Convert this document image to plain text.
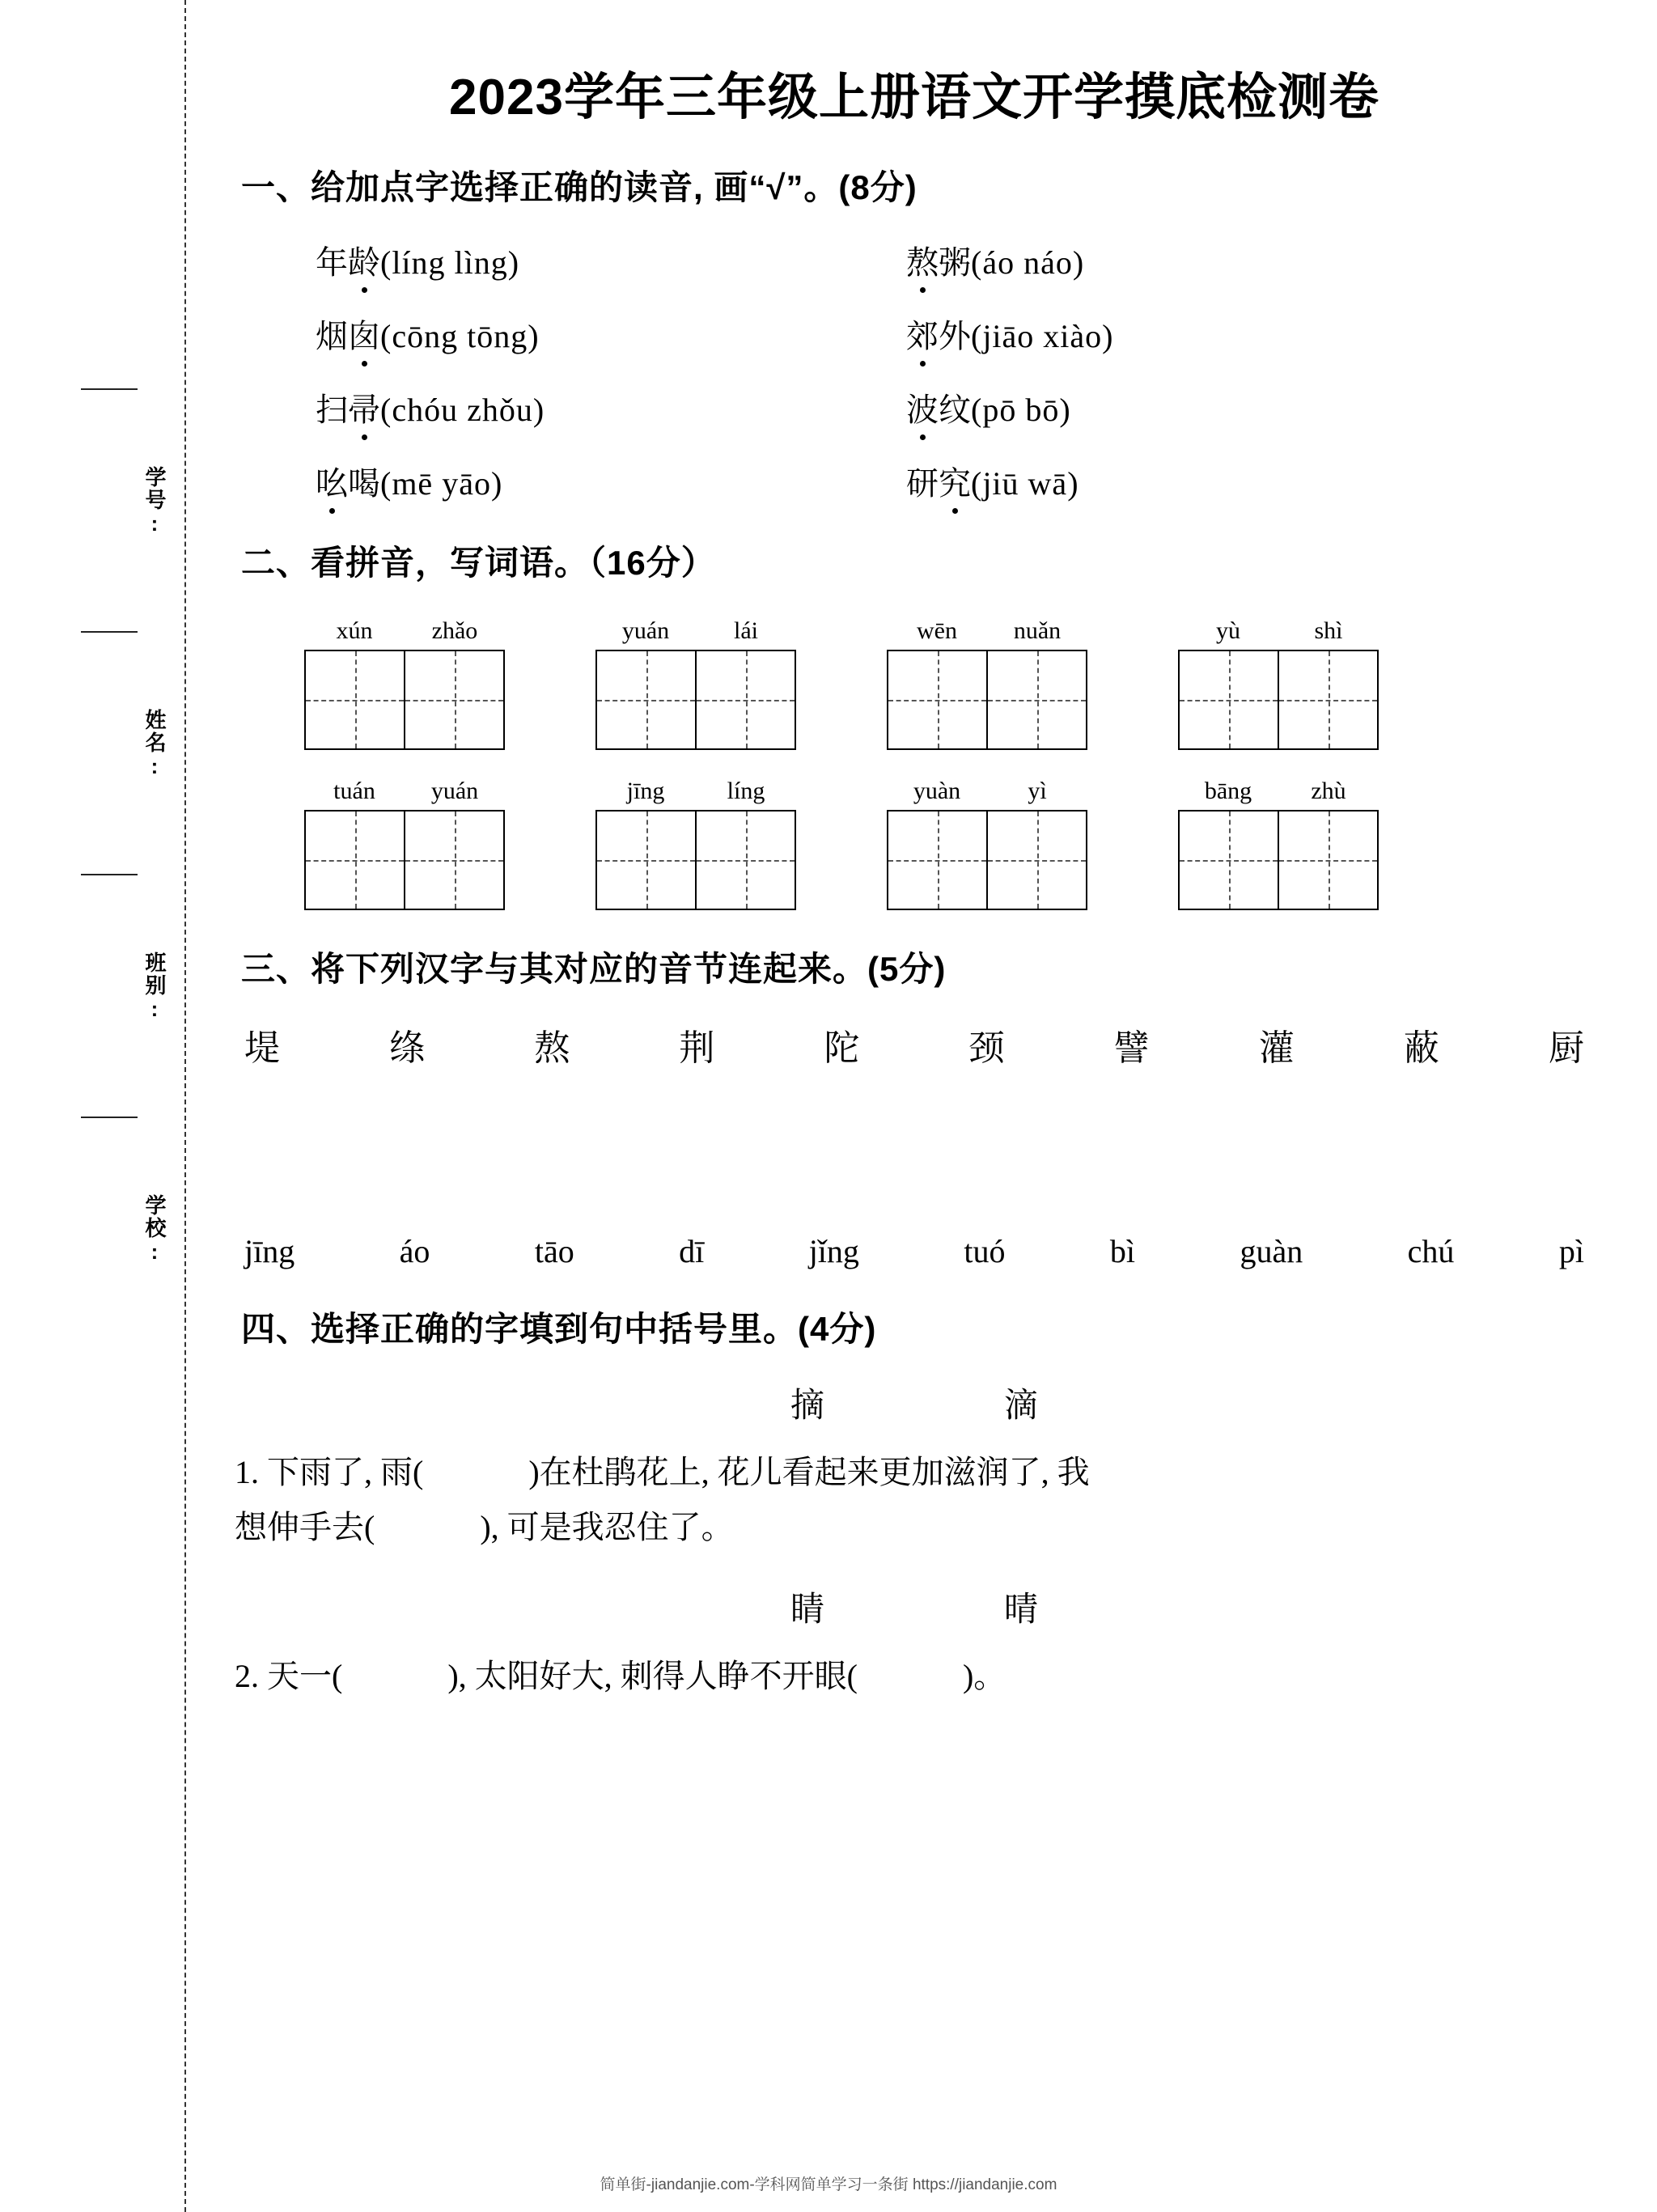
学号:
姓名:
班别:
学校:
2023学年三年级上册语文开学摸底检测卷
一、给加点字选择正确的读音, 画“√”。(8分)
年龄(líng lìng)	熬粥(áo náo)
烟囱(cōng tōng)	郊外(jiāo xiào)
扫帚(chóu zhǒu)	波纹(pō bō)
吆喝(mē yāo)	研究(jiū wā)
二、看拼音，写词语。（16分）
xún	zhǎo	yuán	lái	wēn	nuǎn	yù	shì
tuán	yuán	jīng	líng	yuàn	yì	bāng	zhù
三、将下列汉字与其对应的音节连起来。(5分)
堤	绦	熬	荆	陀	颈	譬	灌	蔽	厨
jīng	áo	tāo	dī	jǐng	tuó	bì	guàn	chú	pì
四、选择正确的字填到句中括号里。(4分)
摘　滴
1. 下雨了, 雨(	)在杜鹃花上, 花儿看起来更加滋润了, 我
想伸手去(	), 可是我忍住了。
睛　晴
2. 天一(	), 太阳好大, 刺得人睁不开眼(	)。
简单街-jiandanjie.com-学科网简单学习一条街 https://jiandanjie.com
